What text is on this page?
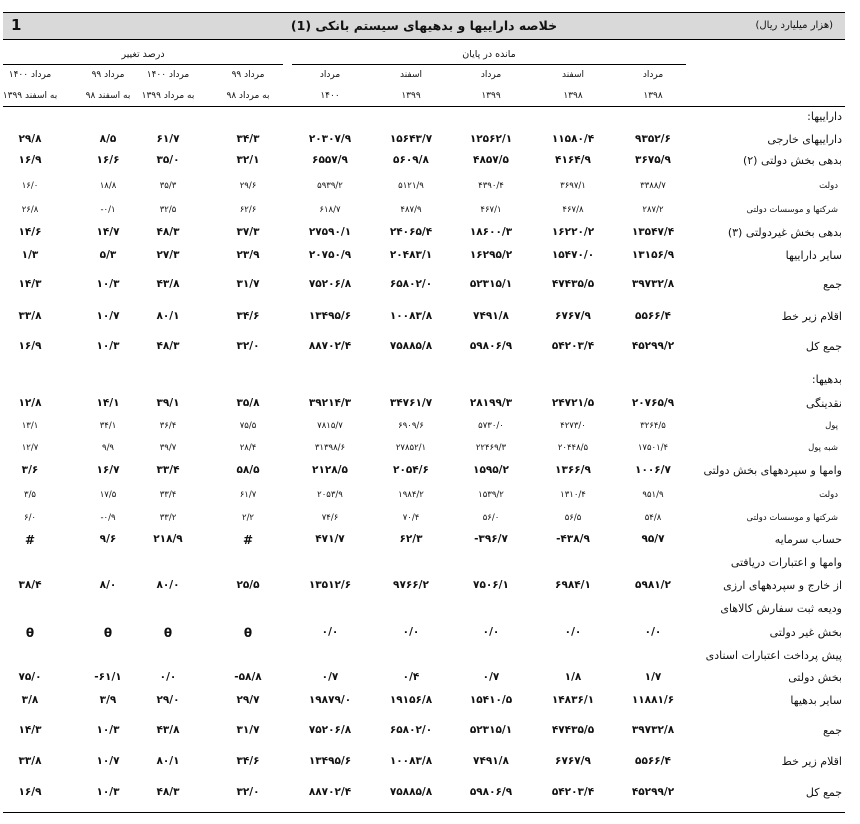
1	خلاصه داراییها و بدهیهای سیستم بانکی (1)	(هزار میلیارد ریال)
مانده در پایان
درصد تغییر
مرداد
۱۳۹۸
اسفند
۱۳۹۸
مرداد
۱۳۹۹
اسفند
۱۳۹۹
مرداد
۱۴۰۰
مرداد ۹۹
به مرداد ۹۸
مرداد ۱۴۰۰
به مرداد ۱۳۹۹
مرداد ۹۹
به اسفند ۹۸
مرداد ۱۴۰۰
به اسفند ۱۳۹۹
داراییها:
داراییهای خارجی
۹۳۵۲/۶
۱۱۵۸۰/۴
۱۲۵۶۲/۱
۱۵۶۴۳/۷
۲۰۳۰۷/۹
۳۴/۳
۶۱/۷
۸/۵
۲۹/۸
بدهی بخش دولتی (۲)
۳۶۷۵/۹
۴۱۶۴/۹
۴۸۵۷/۵
۵۶۰۹/۸
۶۵۵۷/۹
۳۲/۱
۳۵/۰
۱۶/۶
۱۶/۹
دولت
۳۳۸۸/۷
۳۶۹۷/۱
۴۳۹۰/۴
۵۱۲۱/۹
۵۹۳۹/۲
۲۹/۶
۳۵/۳
۱۸/۸
۱۶/۰
شرکتها و موسسات دولتی
۲۸۷/۲
۴۶۷/۸
۴۶۷/۱
۴۸۷/۹
۶۱۸/۷
۶۲/۶
۳۲/۵
-۰/۱
۲۶/۸
بدهی بخش غیردولتی (۳)
۱۳۵۴۷/۴
۱۶۲۲۰/۲
۱۸۶۰۰/۳
۲۴۰۶۵/۴
۲۷۵۹۰/۱
۳۷/۳
۴۸/۳
۱۴/۷
۱۴/۶
سایر داراییها
۱۳۱۵۶/۹
۱۵۴۷۰/۰
۱۶۲۹۵/۲
۲۰۴۸۳/۱
۲۰۷۵۰/۹
۲۳/۹
۲۷/۳
۵/۳
۱/۳
جمع
۳۹۷۳۲/۸
۴۷۴۳۵/۵
۵۲۳۱۵/۱
۶۵۸۰۲/۰
۷۵۲۰۶/۸
۳۱/۷
۴۳/۸
۱۰/۳
۱۴/۳
اقلام زیر خط
۵۵۶۶/۴
۶۷۶۷/۹
۷۴۹۱/۸
۱۰۰۸۳/۸
۱۳۴۹۵/۶
۳۴/۶
۸۰/۱
۱۰/۷
۳۳/۸
جمع کل
۴۵۲۹۹/۲
۵۴۲۰۳/۴
۵۹۸۰۶/۹
۷۵۸۸۵/۸
۸۸۷۰۲/۴
۳۲/۰
۴۸/۳
۱۰/۳
۱۶/۹
بدهیها:
نقدینگی
۲۰۷۶۵/۹
۲۴۷۲۱/۵
۲۸۱۹۹/۳
۳۴۷۶۱/۷
۳۹۲۱۴/۳
۳۵/۸
۳۹/۱
۱۴/۱
۱۲/۸
پول
۳۲۶۴/۵
۴۲۷۳/۰
۵۷۳۰/۰
۶۹۰۹/۶
۷۸۱۵/۷
۷۵/۵
۳۶/۴
۳۴/۱
۱۳/۱
شبه پول
۱۷۵۰۱/۴
۲۰۴۴۸/۵
۲۲۴۶۹/۳
۲۷۸۵۲/۱
۳۱۳۹۸/۶
۲۸/۴
۳۹/۷
۹/۹
۱۲/۷
وامها و سپردههای بخش دولتی
۱۰۰۶/۷
۱۳۶۶/۹
۱۵۹۵/۲
۲۰۵۴/۶
۲۱۲۸/۵
۵۸/۵
۳۳/۴
۱۶/۷
۳/۶
دولت
۹۵۱/۹
۱۳۱۰/۴
۱۵۳۹/۲
۱۹۸۴/۲
۲۰۵۳/۹
۶۱/۷
۳۳/۴
۱۷/۵
۳/۵
شرکتها و موسسات دولتی
۵۴/۸
۵۶/۵
۵۶/۰
۷۰/۴
۷۴/۶
۲/۲
۳۳/۲
-۰/۹
۶/۰
حساب سرمایه
۹۵/۷
-۴۳۸/۹
-۳۹۶/۷
۶۲/۳
۴۷۱/۷
#
۲۱۸/۹
۹/۶
#
وامها و اعتبارات دریافتی
از خارج و سپردههای ارزی
۵۹۸۱/۲
۶۹۸۴/۱
۷۵۰۶/۱
۹۷۶۶/۲
۱۳۵۱۲/۶
۲۵/۵
۸۰/۰
۸/۰
۳۸/۴
ودیعه ثبت سفارش کالاهای
بخش غیر دولتی
۰/۰
۰/۰
۰/۰
۰/۰
۰/۰
θ
θ
θ
θ
پیش پرداخت اعتبارات اسنادی
بخش دولتی
۱/۷
۱/۸
۰/۷
۰/۴
۰/۷
-۵۸/۸
۰/۰
-۶۱/۱
۷۵/۰
سایر بدهیها
۱۱۸۸۱/۶
۱۴۸۳۶/۱
۱۵۴۱۰/۵
۱۹۱۵۶/۸
۱۹۸۷۹/۰
۲۹/۷
۲۹/۰
۳/۹
۳/۸
جمع
۳۹۷۳۲/۸
۴۷۴۳۵/۵
۵۲۳۱۵/۱
۶۵۸۰۲/۰
۷۵۲۰۶/۸
۳۱/۷
۴۳/۸
۱۰/۳
۱۴/۳
اقلام زیر خط
۵۵۶۶/۴
۶۷۶۷/۹
۷۴۹۱/۸
۱۰۰۸۳/۸
۱۳۴۹۵/۶
۳۴/۶
۸۰/۱
۱۰/۷
۳۳/۸
جمع کل
۴۵۲۹۹/۲
۵۴۲۰۳/۴
۵۹۸۰۶/۹
۷۵۸۸۵/۸
۸۸۷۰۲/۴
۳۲/۰
۴۸/۳
۱۰/۳
۱۶/۹
